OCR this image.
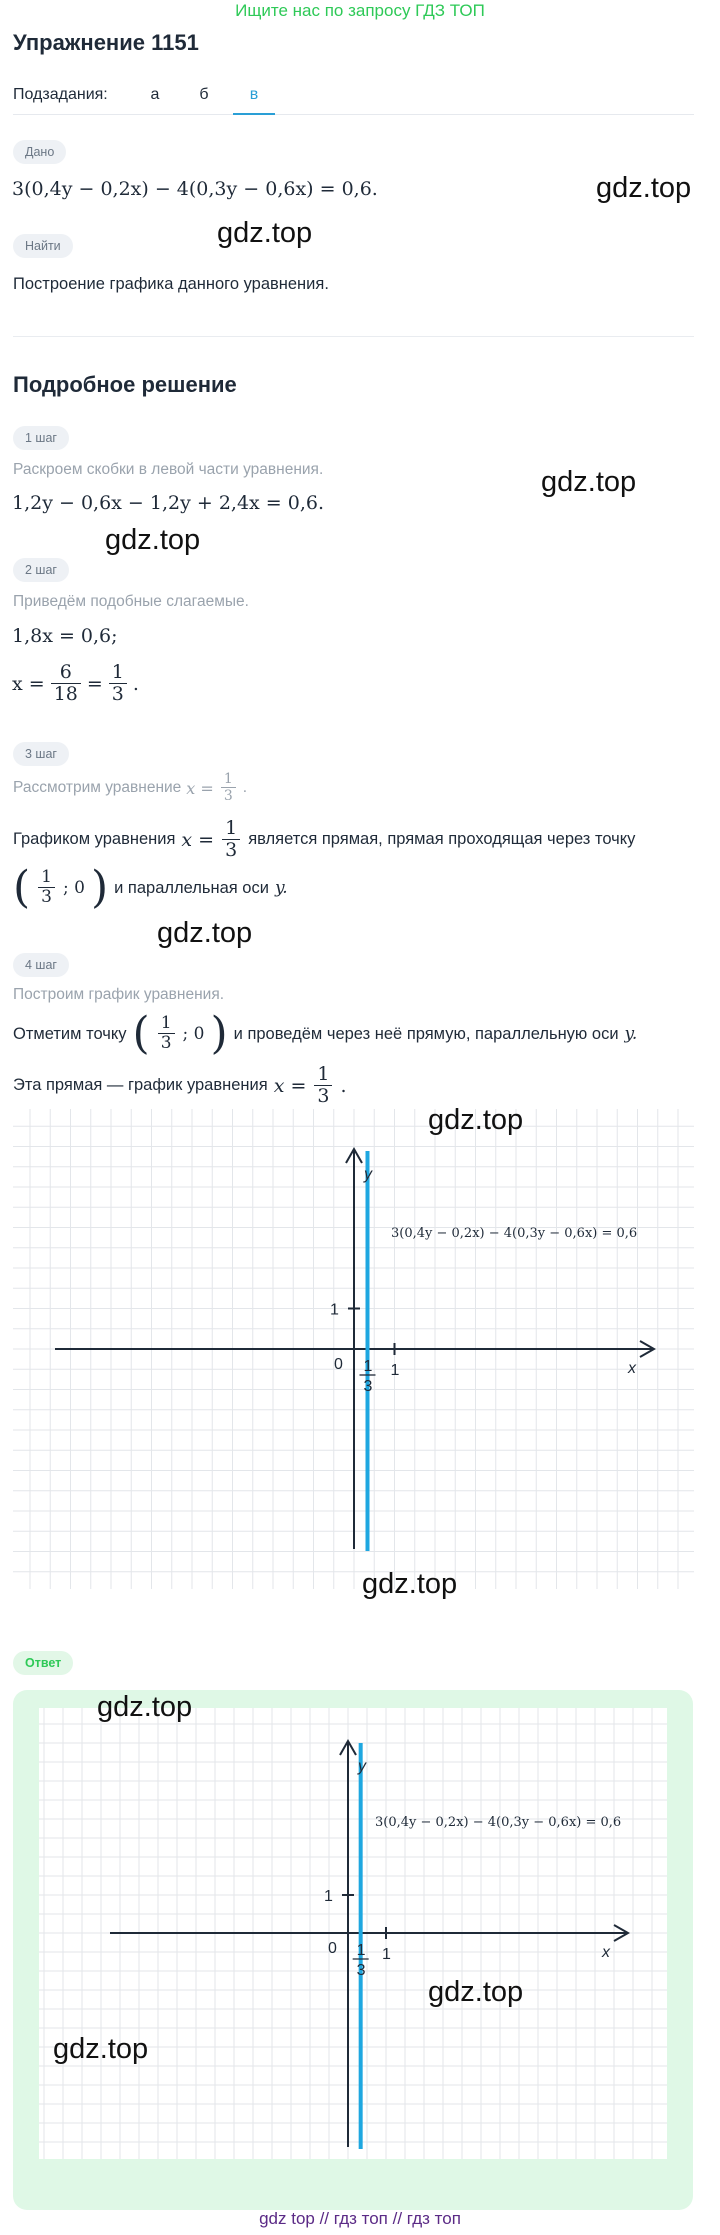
Ищите нас по запросу ГДЗ ТОП
Упражнение 1151
Подзадания:	а	б	в
Дано
3(0,4y − 0,2x) − 4(0,3y − 0,6x) = 0,6.
Найти
Построение графика данного уравнения.
Подробное решение
1 шаг
Раскроем скобки в левой части уравнения.
1,2y − 0,6x − 1,2y + 2,4x = 0,6.
2 шаг
Приведём подобные слагаемые.
1,8x = 0,6;
$x = \frac{6}{18} = \frac{1}{3}$ .
3 шаг
Рассмотрим уравнение $x = \frac{1}{3}$ .
Графиком уравнения $x = \frac{1}{3}$ является прямая, прямая проходящая через точку
( $\frac{1}{3}$ ; 0 ) и параллельная оси y.
4 шаг
Построим график уравнения.
Отметим точку ( $\frac{1}{3}$ ; 0 ) и проведём через неё прямую, параллельную оси y.
Эта прямая — график уравнения $x = \frac{1}{3}$ .
x
y
0	1
1
1
3
3(0,4y − 0,2x) − 4(0,3y − 0,6x) = 0,6
Ответ
x
y
0	1
1
1
3
3(0,4y − 0,2x) − 4(0,3y − 0,6x) = 0,6
gdz.top
gdz.top
gdz.top
gdz.top
gdz.top
gdz.top
gdz.top
gdz.top
gdz.top
gdz.top
gdz top // гдз топ // гдз топ
